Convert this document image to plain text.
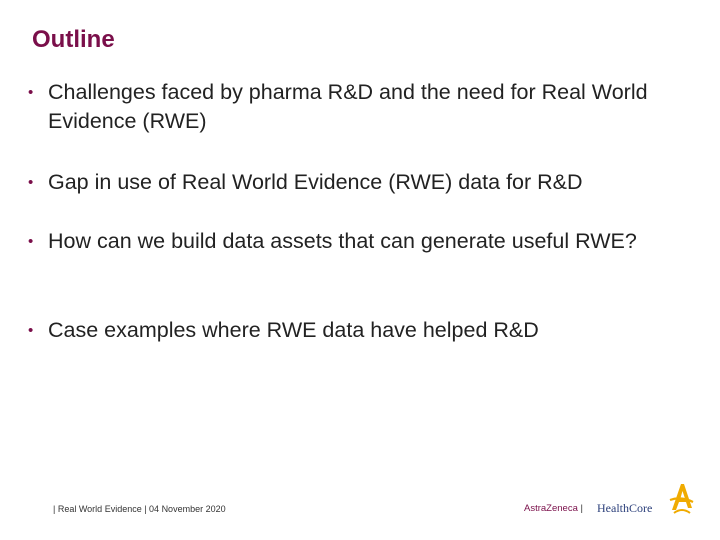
Outline
• Challenges faced by pharma R&D and the need for Real World Evidence (RWE)
• Gap in use of Real World Evidence (RWE) data for R&D
• How can we build data assets that can generate useful RWE?
• Case examples where RWE data have helped R&D
| Real World Evidence | 04 November 2020	AstraZeneca | HealthCore
